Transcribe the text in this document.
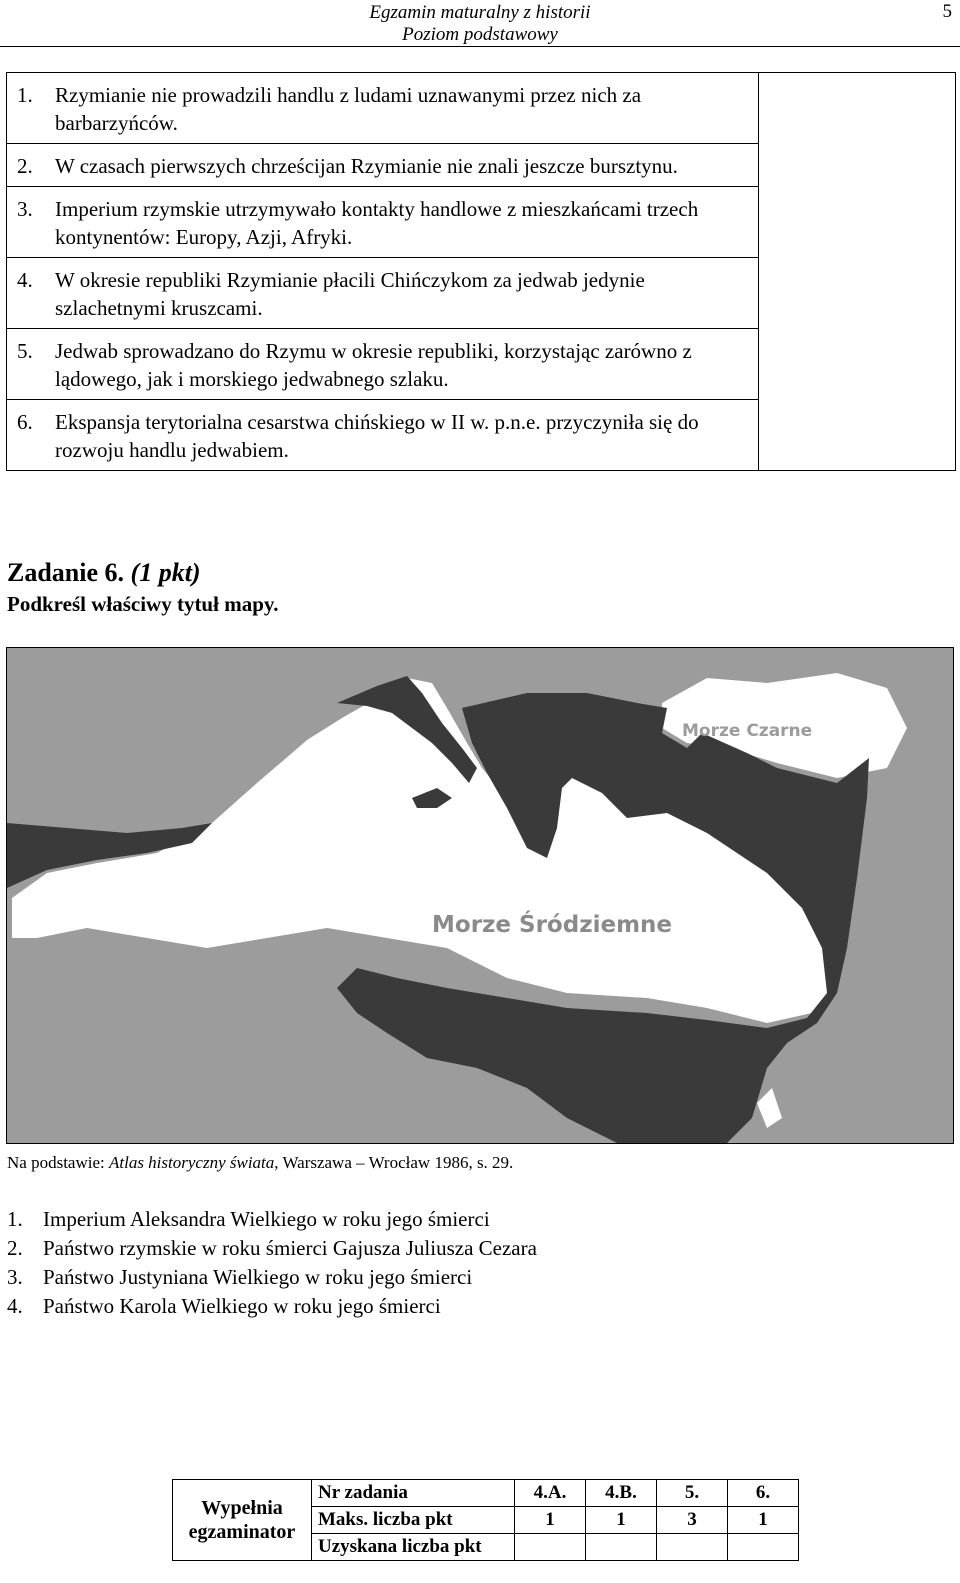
Egzamin maturalny z historii
Poziom podstawowy
5
1.	Rzymianie nie prowadzili handlu z ludami uznawanymi przez nich za barbarzyńców.

2.	W czasach pierwszych chrześcijan Rzymianie nie znali jeszcze bursztynu.

3.	Imperium rzymskie utrzymywało kontakty handlowe z mieszkańcami trzech kontynentów: Europy, Azji, Afryki.

4.	W okresie republiki Rzymianie płacili Chińczykom za jedwab jedynie szlachetnymi kruszcami.

5.	Jedwab sprowadzano do Rzymu w okresie republiki, korzystając zarówno z lądowego, jak i morskiego jedwabnego szlaku.

6.	Ekspansja terytorialna cesarstwa chińskiego w II w. p.n.e. przyczyniła się do rozwoju handlu jedwabiem.
Zadanie 6. (1 pkt)
Podkreśl właściwy tytuł mapy.
Morze Czarne
Morze Śródziemne
Na podstawie: Atlas historyczny świata, Warszawa – Wrocław 1986, s. 29.
1. Imperium Aleksandra Wielkiego w roku jego śmierci
2. Państwo rzymskie w roku śmierci Gajusza Juliusza Cezara
3. Państwo Justyniana Wielkiego w roku jego śmierci
4. Państwo Karola Wielkiego w roku jego śmierci
Wypełnia
egzaminator	Nr zadania	4.A.	4.B.	5.	6.
	Maks. liczba pkt	1	1	3	1
	Uzyskana liczba pkt				
